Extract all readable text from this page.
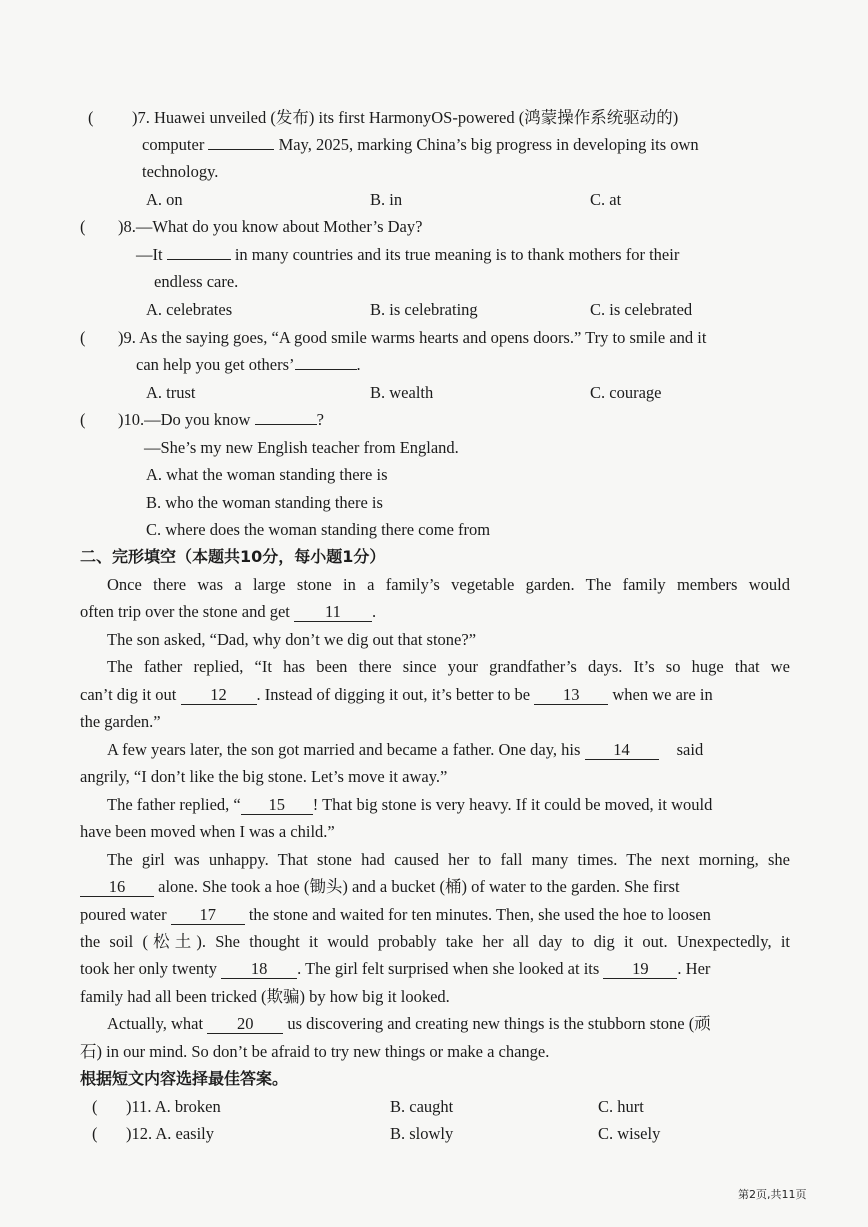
( )7. Huawei unveiled (发布) its first HarmonyOS-powered (鸿蒙操作系统驱动的)
computer	May, 2025, marking China’s big progress in developing its own
technology.
A. on	B. in	C. at
( )8.—What do you know about Mother’s Day?
—It	in many countries and its true meaning is to thank mothers for their
endless care.
A. celebrates	B. is celebrating	C. is celebrated
( )9. As the saying goes, “A good smile warms hearts and opens doors.” Try to smile and it
can help you get others’	.
A. trust	B. wealth	C. courage
( )10.—Do you know	?
—She’s my new English teacher from England.
A. what the woman standing there is
B. who the woman standing there is
C. where does the woman standing there come from
二、完形填空（本题共10分，每小题1分）
Once there was a large stone in a family’s vegetable garden. The family members would
often trip over the stone and get 11 .
The son asked, “Dad, why don’t we dig out that stone?”
The father replied, “It has been there since your grandfather’s days. It’s so huge that we
can’t dig it out 12 . Instead of digging it out, it’s better to be 13 when we are in
the garden.”
A few years later, the son got married and became a father. One day, his 14	said
angrily, “I don’t like the big stone. Let’s move it away.”
The father replied, “ 15 ! That big stone is very heavy. If it could be moved, it would
have been moved when I was a child.”
The girl was unhappy. That stone had caused her to fall many times. The next morning, she
16 alone. She took a hoe (锄头) and a bucket (桶) of water to the garden. She first
poured water 17 the stone and waited for ten minutes. Then, she used the hoe to loosen
the soil (松土). She thought it would probably take her all day to dig it out. Unexpectedly, it
took her only twenty 18 . The girl felt surprised when she looked at its 19 . Her
family had all been tricked (欺骗) by how big it looked.
Actually, what 20 us discovering and creating new things is the stubborn stone (顽
石) in our mind. So don’t be afraid to try new things or make a change.
根据短文内容选择最佳答案。
( )11. A. broken	B. caught	C. hurt
( )12. A. easily	B. slowly	C. wisely
第2页,共11页
